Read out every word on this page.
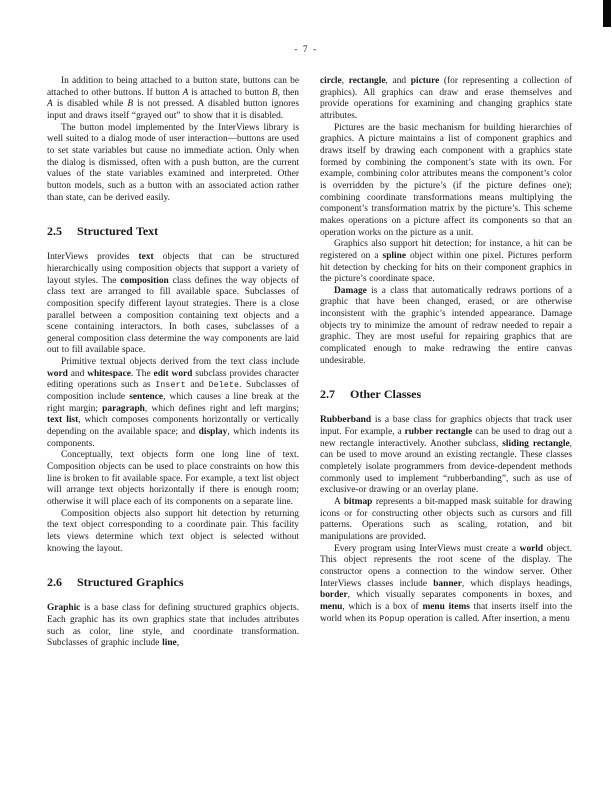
- 7 -

In addition to being attached to a button state, buttons can be attached to other buttons. If button A is attached to button B, then A is disabled while B is not pressed. A disabled button ignores input and draws itself “grayed out” to show that it is disabled.

The button model implemented by the InterViews library is well suited to a dialog mode of user interaction—buttons are used to set state variables but cause no immediate action. Only when the dialog is dismissed, often with a push button, are the current values of the state variables examined and interpreted. Other button models, such as a button with an associated action rather than state, can be derived easily.

2.5 Structured Text

InterViews provides text objects that can be structured hierarchically using composition objects that support a variety of layout styles. The composition class defines the way objects of class text are arranged to fill available space. Subclasses of composition specify different layout strategies. There is a close parallel between a composition containing text objects and a scene containing interactors. In both cases, subclasses of a general composition class determine the way components are laid out to fill available space.

Primitive textual objects derived from the text class include word and whitespace. The edit word subclass provides character editing operations such as Insert and Delete. Subclasses of composition include sentence, which causes a line break at the right margin; paragraph, which defines right and left margins; text list, which composes components horizontally or vertically depending on the available space; and display, which indents its components.

Conceptually, text objects form one long line of text. Composition objects can be used to place constraints on how this line is broken to fit available space. For example, a text list object will arrange text objects horizontally if there is enough room; otherwise it will place each of its components on a separate line.

Composition objects also support hit detection by returning the text object corresponding to a coordinate pair. This facility lets views determine which text object is selected without knowing the layout.

2.6 Structured Graphics

Graphic is a base class for defining structured graphics objects. Each graphic has its own graphics state that includes attributes such as color, line style, and coordinate transformation. Subclasses of graphic include line,

circle, rectangle, and picture (for representing a collection of graphics). All graphics can draw and erase themselves and provide operations for examining and changing graphics state attributes.

Pictures are the basic mechanism for building hierarchies of graphics. A picture maintains a list of component graphics and draws itself by drawing each component with a graphics state formed by combining the component’s state with its own. For example, combining color attributes means the component’s color is overridden by the picture’s (if the picture defines one); combining coordinate transformations means multiplying the component’s transformation matrix by the picture’s. This scheme makes operations on a picture affect its components so that an operation works on the picture as a unit.

Graphics also support hit detection; for instance, a hit can be registered on a spline object within one pixel. Pictures perform hit detection by checking for hits on their component graphics in the picture’s coordinate space.

Damage is a class that automatically redraws portions of a graphic that have been changed, erased, or are otherwise inconsistent with the graphic’s intended appearance. Damage objects try to minimize the amount of redraw needed to repair a graphic. They are most useful for repairing graphics that are complicated enough to make redrawing the entire canvas undesirable.

2.7 Other Classes

Rubberband is a base class for graphics objects that track user input. For example, a rubber rectangle can be used to drag out a new rectangle interactively. Another subclass, sliding rectangle, can be used to move around an existing rectangle. These classes completely isolate programmers from device-dependent methods commonly used to implement “rubberbanding”, such as use of exclusive-or drawing or an overlay plane.

A bitmap represents a bit-mapped mask suitable for drawing icons or for constructing other objects such as cursors and fill patterns. Operations such as scaling, rotation, and bit manipulations are provided.

Every program using InterViews must create a world object. This object represents the root scene of the display. The constructor opens a connection to the window server. Other InterViews classes include banner, which displays headings, border, which visually separates components in boxes, and menu, which is a box of menu items that inserts itself into the world when its Popup operation is called. After insertion, a menu
